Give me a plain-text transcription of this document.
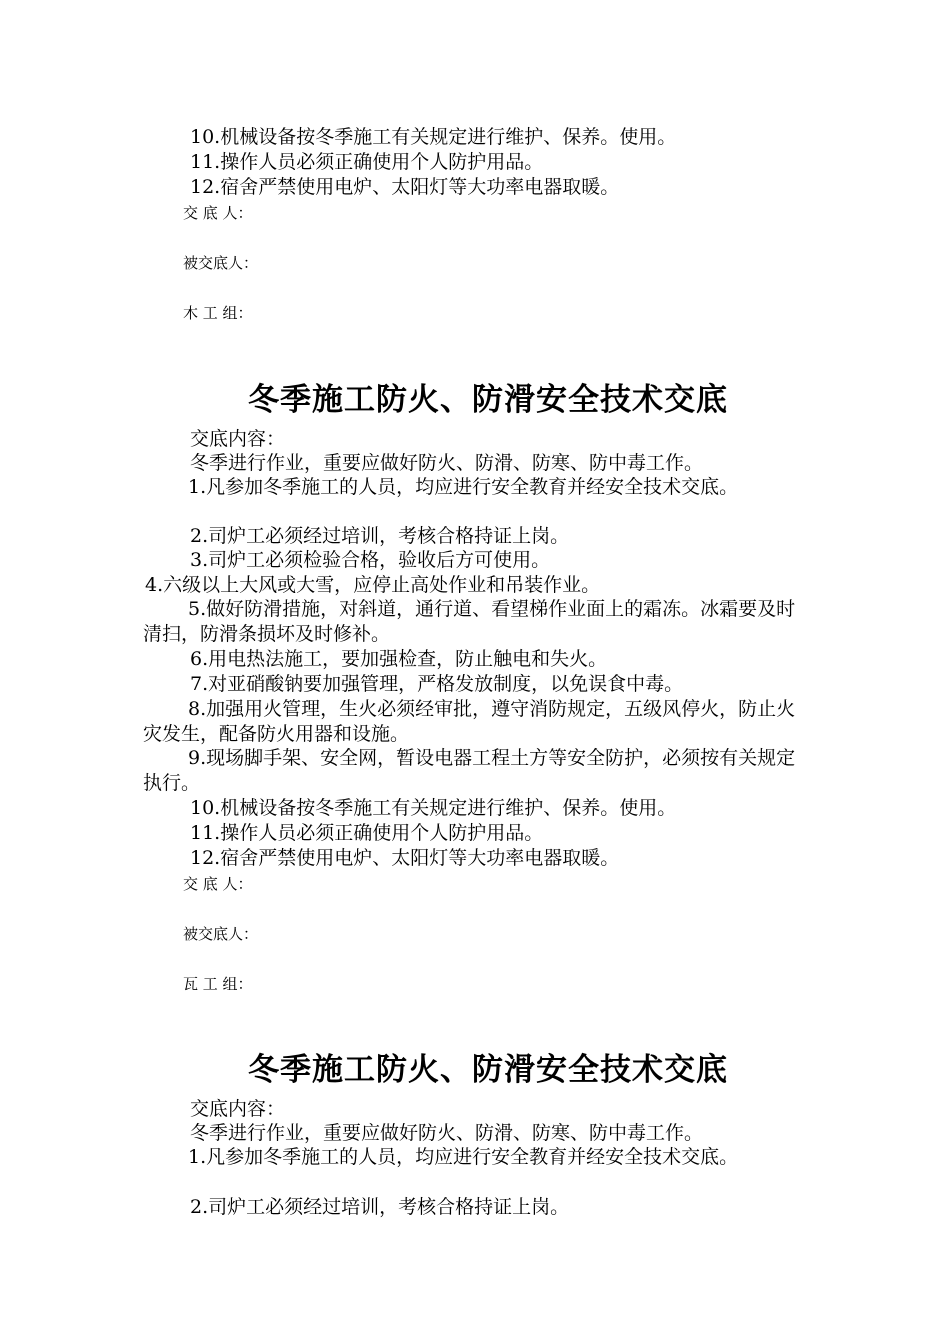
10.机械设备按冬季施工有关规定进行维护、保养。使用。
11.操作人员必须正确使用个人防护用品。
12.宿舍严禁使用电炉、太阳灯等大功率电器取暖。
交 底 人：
被交底人：
木 工 组：
冬季施工防火、防滑安全技术交底
交底内容：
冬季进行作业，重要应做好防火、防滑、防寒、防中毒工作。
1.凡参加冬季施工的人员，均应进行安全教育并经安全技术交底。
2.司炉工必须经过培训，考核合格持证上岗。
3.司炉工必须检验合格，验收后方可使用。
4.六级以上大风或大雪，应停止高处作业和吊装作业。
5.做好防滑措施，对斜道，通行道、看望梯作业面上的霜冻。冰霜要及时清扫，防滑条损坏及时修补。
6.用电热法施工，要加强检查，防止触电和失火。
7.对亚硝酸钠要加强管理，严格发放制度，以免误食中毒。
8.加强用火管理，生火必须经审批，遵守消防规定，五级风停火，防止火灾发生，配备防火用器和设施。
9.现场脚手架、安全网，暂设电器工程土方等安全防护，必须按有关规定执行。
10.机械设备按冬季施工有关规定进行维护、保养。使用。
11.操作人员必须正确使用个人防护用品。
12.宿舍严禁使用电炉、太阳灯等大功率电器取暖。
交 底 人：
被交底人：
瓦 工 组：
冬季施工防火、防滑安全技术交底
交底内容：
冬季进行作业，重要应做好防火、防滑、防寒、防中毒工作。
1.凡参加冬季施工的人员，均应进行安全教育并经安全技术交底。
2.司炉工必须经过培训，考核合格持证上岗。
